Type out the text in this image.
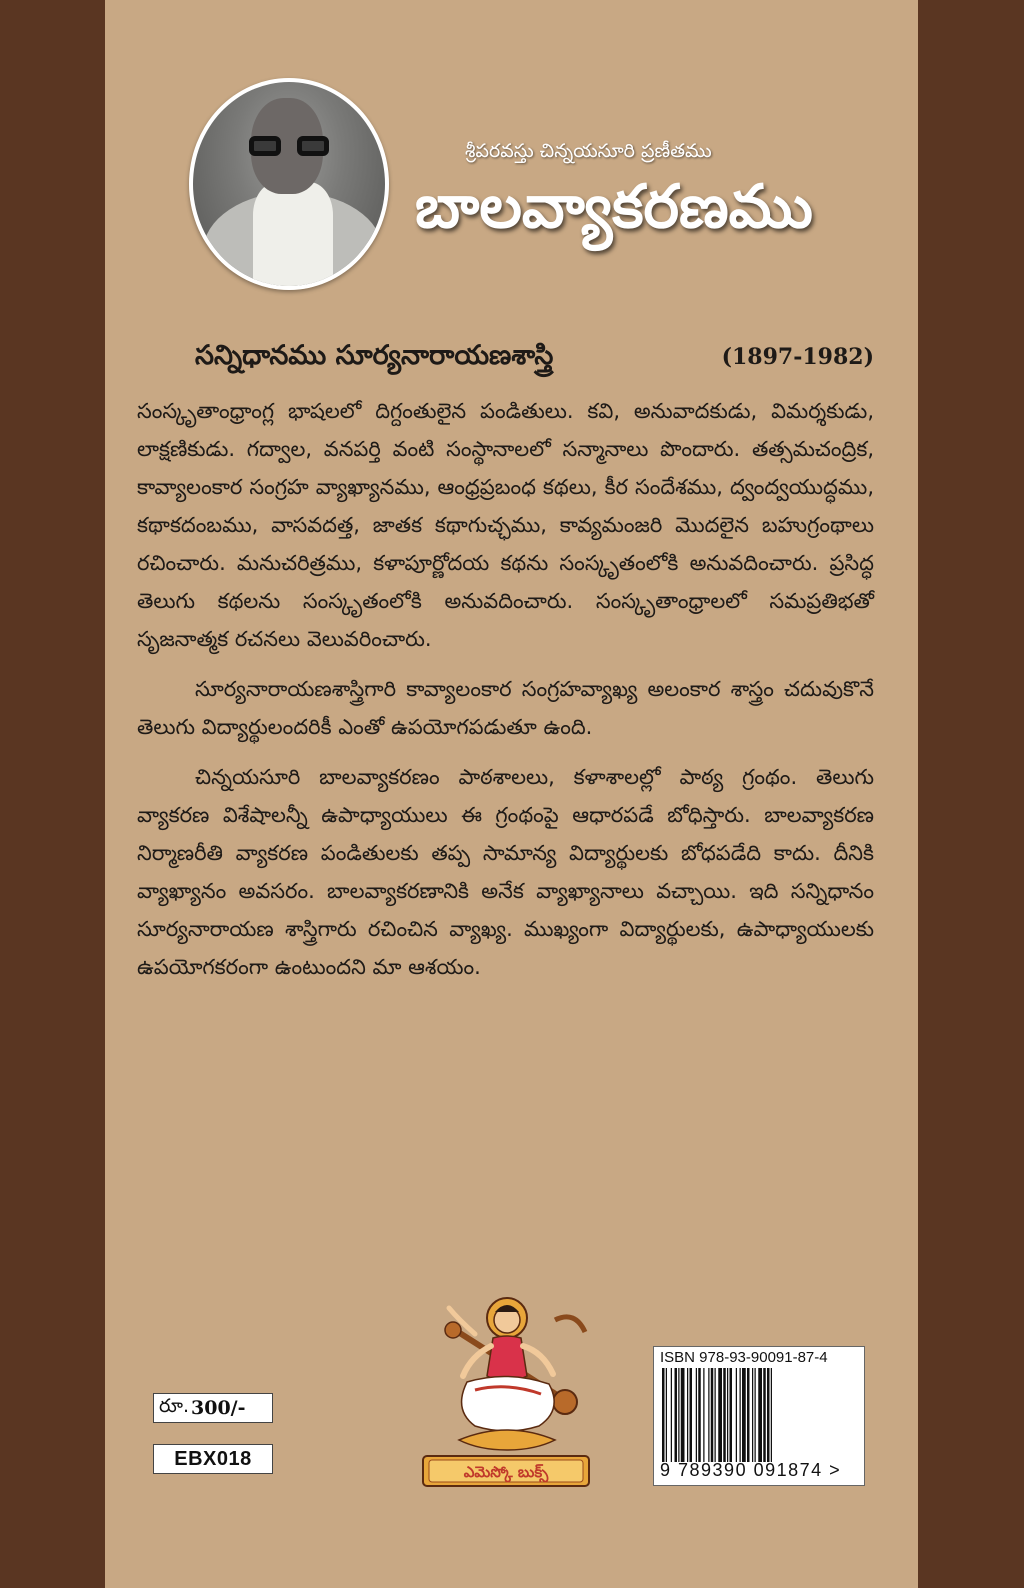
శ్రీపరవస్తు చిన్నయసూరి ప్రణీతము
బాలవ్యాకరణము
సన్నిధానము సూర్యనారాయణశాస్త్రి	(1897-1982)

సంస్కృతాంధ్రాంగ్ల భాషలలో దిగ్దంతులైన పండితులు. కవి, అనువాదకుడు, విమర్శకుడు, లాక్షణికుడు. గద్వాల, వనపర్తి వంటి సంస్థానాలలో సన్మానాలు పొందారు. తత్సమచంద్రిక, కావ్యాలంకార సంగ్రహ వ్యాఖ్యానము, ఆంధ్రప్రబంధ కథలు, కీర సందేశము, ద్వంద్వయుద్ధము, కథాకదంబము, వాసవదత్త, జాతక కథాగుచ్ఛము, కావ్యమంజరి మొదలైన బహుగ్రంథాలు రచించారు. మనుచరిత్రము, కళాపూర్ణోదయ కథను సంస్కృతంలోకి అనువదించారు. ప్రసిద్ధ తెలుగు కథలను సంస్కృతంలోకి అనువదించారు. సంస్కృతాంధ్రాలలో సమప్రతిభతో సృజనాత్మక రచనలు వెలువరించారు.

సూర్యనారాయణశాస్త్రిగారి కావ్యాలంకార సంగ్రహవ్యాఖ్య అలంకార శాస్త్రం చదువుకొనే తెలుగు విద్యార్థులందరికీ ఎంతో ఉపయోగపడుతూ ఉంది.

చిన్నయసూరి బాలవ్యాకరణం పాఠశాలలు, కళాశాలల్లో పాఠ్య గ్రంథం. తెలుగు వ్యాకరణ విశేషాలన్నీ ఉపాధ్యాయులు ఈ గ్రంథంపై ఆధారపడే బోధిస్తారు. బాలవ్యాకరణ నిర్మాణరీతి వ్యాకరణ పండితులకు తప్ప సామాన్య విద్యార్థులకు బోధపడేది కాదు. దీనికి వ్యాఖ్యానం అవసరం. బాలవ్యాకరణానికి అనేక వ్యాఖ్యానాలు వచ్చాయి. ఇది సన్నిధానం సూర్యనారాయణ శాస్త్రిగారు రచించిన వ్యాఖ్య. ముఖ్యంగా విద్యార్థులకు, ఉపాధ్యాయులకు ఉపయోగకరంగా ఉంటుందని మా ఆశయం.

ఎమెస్కో బుక్స్
రూ. 300/-
EBX018
ISBN 978-93-90091-87-4
9 789390 091874 >
